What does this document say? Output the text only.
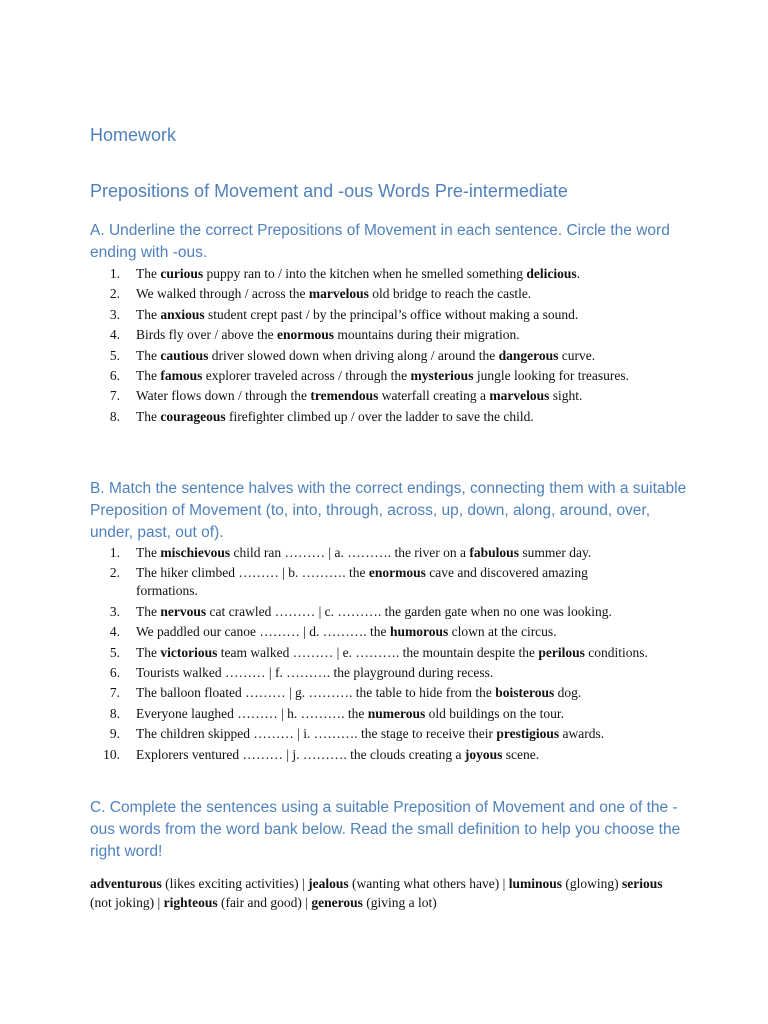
Homework
Prepositions of Movement and -ous Words Pre-intermediate
A. Underline the correct Prepositions of Movement in each sentence. Circle the word ending with -ous.
1. The curious puppy ran to / into the kitchen when he smelled something delicious.
2. We walked through / across the marvelous old bridge to reach the castle.
3. The anxious student crept past / by the principal’s office without making a sound.
4. Birds fly over / above the enormous mountains during their migration.
5. The cautious driver slowed down when driving along / around the dangerous curve.
6. The famous explorer traveled across / through the mysterious jungle looking for treasures.
7. Water flows down / through the tremendous waterfall creating a marvelous sight.
8. The courageous firefighter climbed up / over the ladder to save the child.
B. Match the sentence halves with the correct endings, connecting them with a suitable Preposition of Movement (to, into, through, across, up, down, along, around, over, under, past, out of).
1. The mischievous child ran ……… | a. ………. the river on a fabulous summer day.
2. The hiker climbed ……… | b. ………. the enormous cave and discovered amazing formations.
3. The nervous cat crawled ……… | c. ………. the garden gate when no one was looking.
4. We paddled our canoe ……… | d. ………. the humorous clown at the circus.
5. The victorious team walked ……… | e. ………. the mountain despite the perilous conditions.
6. Tourists walked ……… | f. ………. the playground during recess.
7. The balloon floated ……… | g. ………. the table to hide from the boisterous dog.
8. Everyone laughed ……… | h. ………. the numerous old buildings on the tour.
9. The children skipped ……… | i. ………. the stage to receive their prestigious awards.
10. Explorers ventured ……… | j. ………. the clouds creating a joyous scene.
C. Complete the sentences using a suitable Preposition of Movement and one of the -ous words from the word bank below. Read the small definition to help you choose the right word!

adventurous (likes exciting activities) | jealous (wanting what others have) | luminous (glowing) serious (not joking) | righteous (fair and good) | generous (giving a lot)
